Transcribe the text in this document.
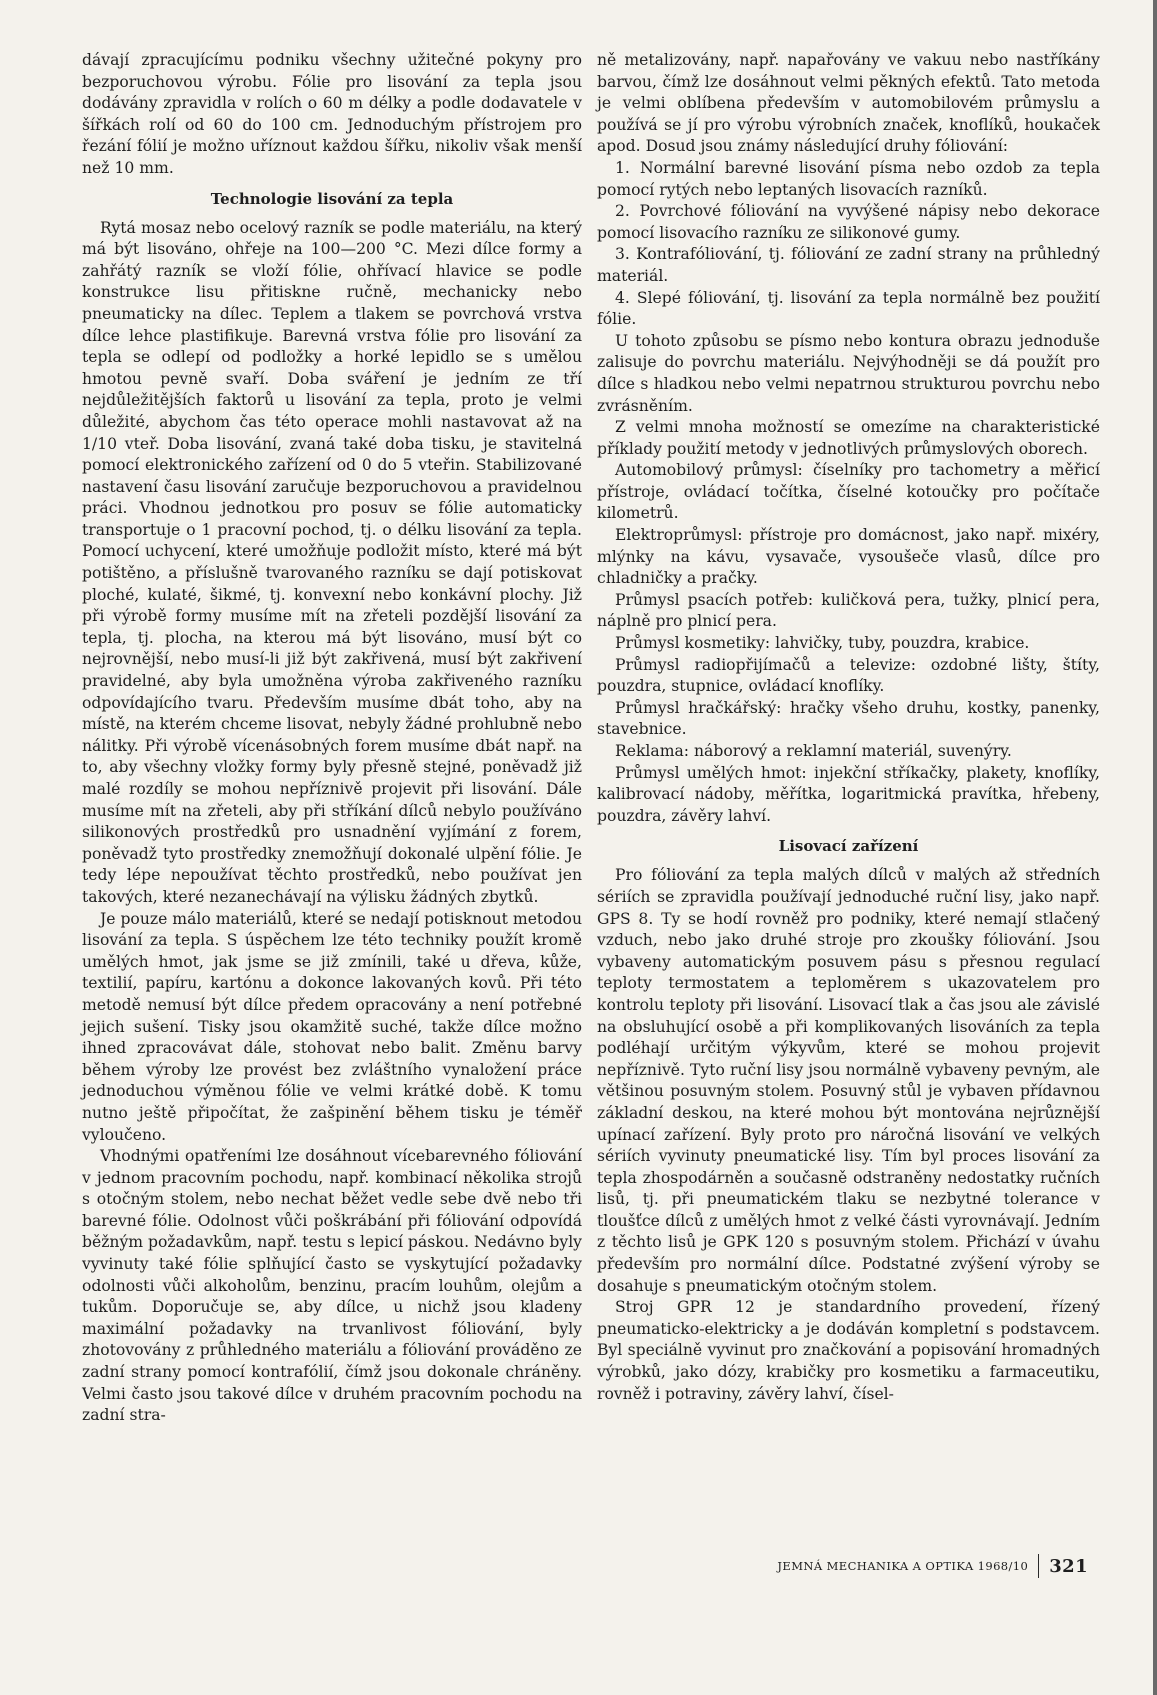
dávají zpracujícímu podniku všechny užitečné pokyny pro bezporuchovou výrobu. Fólie pro lisování za tepla jsou dodávány zpravidla v rolích o 60 m délky a podle dodavatele v šířkách rolí od 60 do 100 cm. Jednoduchým přístrojem pro řezání fólií je možno uříznout každou šířku, nikoliv však menší než 10 mm.

Technologie lisování za tepla

Rytá mosaz nebo ocelový razník se podle materiálu, na který má být lisováno, ohřeje na 100—200 °C. Mezi dílce formy a zahřátý razník se vloží fólie, ohřívací hlavice se podle konstrukce lisu přitiskne ručně, mechanicky nebo pneumaticky na dílec. Teplem a tlakem se povrchová vrstva dílce lehce plastifikuje. Barevná vrstva fólie pro lisování za tepla se odlepí od podložky a horké lepidlo se s umělou hmotou pevně svaří. Doba sváření je jedním ze tří nejdůležitějších faktorů u lisování za tepla, proto je velmi důležité, abychom čas této operace mohli nastavovat až na 1/10 vteř. Doba lisování, zvaná také doba tisku, je stavitelná pomocí elektronického zařízení od 0 do 5 vteřin. Stabilizované nastavení času lisování zaručuje bezporuchovou a pravidelnou práci. Vhodnou jednotkou pro posuv se fólie automaticky transportuje o 1 pracovní pochod, tj. o délku lisování za tepla. Pomocí uchycení, které umožňuje podložit místo, které má být potištěno, a příslušně tvarovaného razníku se dají potiskovat ploché, kulaté, šikmé, tj. konvexní nebo konkávní plochy. Již při výrobě formy musíme mít na zřeteli pozdější lisování za tepla, tj. plocha, na kterou má být lisováno, musí být co nejrovnější, nebo musí-li již být zakřivená, musí být zakřivení pravidelné, aby byla umožněna výroba zakřiveného razníku odpovídajícího tvaru. Především musíme dbát toho, aby na místě, na kterém chceme lisovat, nebyly žádné prohlubně nebo nálitky. Při výrobě vícenásobných forem musíme dbát např. na to, aby všechny vložky formy byly přesně stejné, poněvadž již malé rozdíly se mohou nepříznivě projevit při lisování. Dále musíme mít na zřeteli, aby při stříkání dílců nebylo používáno silikonových prostředků pro usnadnění vyjímání z forem, poněvadž tyto prostředky znemožňují dokonalé ulpění fólie. Je tedy lépe nepoužívat těchto prostředků, nebo používat jen takových, které nezanechávají na výlisku žádných zbytků.

Je pouze málo materiálů, které se nedají potisknout metodou lisování za tepla. S úspěchem lze této techniky použít kromě umělých hmot, jak jsme se již zmínili, také u dřeva, kůže, textilií, papíru, kartónu a dokonce lakovaných kovů. Při této metodě nemusí být dílce předem opracovány a není potřebné jejich sušení. Tisky jsou okamžitě suché, takže dílce možno ihned zpracovávat dále, stohovat nebo balit. Změnu barvy během výroby lze provést bez zvláštního vynaložení práce jednoduchou výměnou fólie ve velmi krátké době. K tomu nutno ještě připočítat, že zašpinění během tisku je téměř vyloučeno.

Vhodnými opatřeními lze dosáhnout vícebarevného fóliování v jednom pracovním pochodu, např. kombinací několika strojů s otočným stolem, nebo nechat běžet vedle sebe dvě nebo tři barevné fólie. Odolnost vůči poškrábání při fóliování odpovídá běžným požadavkům, např. testu s lepicí páskou. Nedávno byly vyvinuty také fólie splňující často se vyskytující požadavky odolnosti vůči alkoholům, benzinu, pracím louhům, olejům a tukům. Doporučuje se, aby dílce, u nichž jsou kladeny maximální požadavky na trvanlivost fóliování, byly zhotovovány z průhledného materiálu a fóliování prováděno ze zadní strany pomocí kontrafólií, čímž jsou dokonale chráněny. Velmi často jsou takové dílce v druhém pracovním pochodu na zadní stra-

ně metalizovány, např. napařovány ve vakuu nebo nastříkány barvou, čímž lze dosáhnout velmi pěkných efektů. Tato metoda je velmi oblíbena především v automobilovém průmyslu a používá se jí pro výrobu výrobních značek, knoflíků, houkaček apod. Dosud jsou známy následující druhy fóliování:

1. Normální barevné lisování písma nebo ozdob za tepla pomocí rytých nebo leptaných lisovacích razníků.

2. Povrchové fóliování na vyvýšené nápisy nebo dekorace pomocí lisovacího razníku ze silikonové gumy.

3. Kontrafóliování, tj. fóliování ze zadní strany na průhledný materiál.

4. Slepé fóliování, tj. lisování za tepla normálně bez použití fólie.

U tohoto způsobu se písmo nebo kontura obrazu jednoduše zalisuje do povrchu materiálu. Nejvýhodněji se dá použít pro dílce s hladkou nebo velmi nepatrnou strukturou povrchu nebo zvrásněním.

Z velmi mnoha možností se omezíme na charakteristické příklady použití metody v jednotlivých průmyslových oborech.

Automobilový průmysl: číselníky pro tachometry a měřicí přístroje, ovládací točítka, číselné kotoučky pro počítače kilometrů.

Elektroprůmysl: přístroje pro domácnost, jako např. mixéry, mlýnky na kávu, vysavače, vysoušeče vlasů, dílce pro chladničky a pračky.

Průmysl psacích potřeb: kuličková pera, tužky, plnicí pera, náplně pro plnicí pera.

Průmysl kosmetiky: lahvičky, tuby, pouzdra, krabice.

Průmysl radiopřijímačů a televize: ozdobné lišty, štíty, pouzdra, stupnice, ovládací knoflíky.

Průmysl hračkářský: hračky všeho druhu, kostky, panenky, stavebnice.

Reklama: náborový a reklamní materiál, suvenýry.

Průmysl umělých hmot: injekční stříkačky, plakety, knoflíky, kalibrovací nádoby, měřítka, logaritmická pravítka, hřebeny, pouzdra, závěry lahví.

Lisovací zařízení

Pro fóliování za tepla malých dílců v malých až středních sériích se zpravidla používají jednoduché ruční lisy, jako např. GPS 8. Ty se hodí rovněž pro podniky, které nemají stlačený vzduch, nebo jako druhé stroje pro zkoušky fóliování. Jsou vybaveny automatickým posuvem pásu s přesnou regulací teploty termostatem a teploměrem s ukazovatelem pro kontrolu teploty při lisování. Lisovací tlak a čas jsou ale závislé na obsluhující osobě a při komplikovaných lisováních za tepla podléhají určitým výkyvům, které se mohou projevit nepříznivě. Tyto ruční lisy jsou normálně vybaveny pevným, ale většinou posuvným stolem. Posuvný stůl je vybaven přídavnou základní deskou, na které mohou být montována nejrůznější upínací zařízení. Byly proto pro náročná lisování ve velkých sériích vyvinuty pneumatické lisy. Tím byl proces lisování za tepla zhospodárněn a současně odstraněny nedostatky ručních lisů, tj. při pneumatickém tlaku se nezbytné tolerance v tloušťce dílců z umělých hmot z velké části vyrovnávají. Jedním z těchto lisů je GPK 120 s posuvným stolem. Přichází v úvahu především pro normální dílce. Podstatné zvýšení výroby se dosahuje s pneumatickým otočným stolem.

Stroj GPR 12 je standardního provedení, řízený pneumaticko-elektricky a je dodáván kompletní s podstavcem. Byl speciálně vyvinut pro značkování a popisování hromadných výrobků, jako dózy, krabičky pro kosmetiku a farmaceutiku, rovněž i potraviny, závěry lahví, čísel-

JEMNÁ MECHANIKA A OPTIKA 1968/10 321
